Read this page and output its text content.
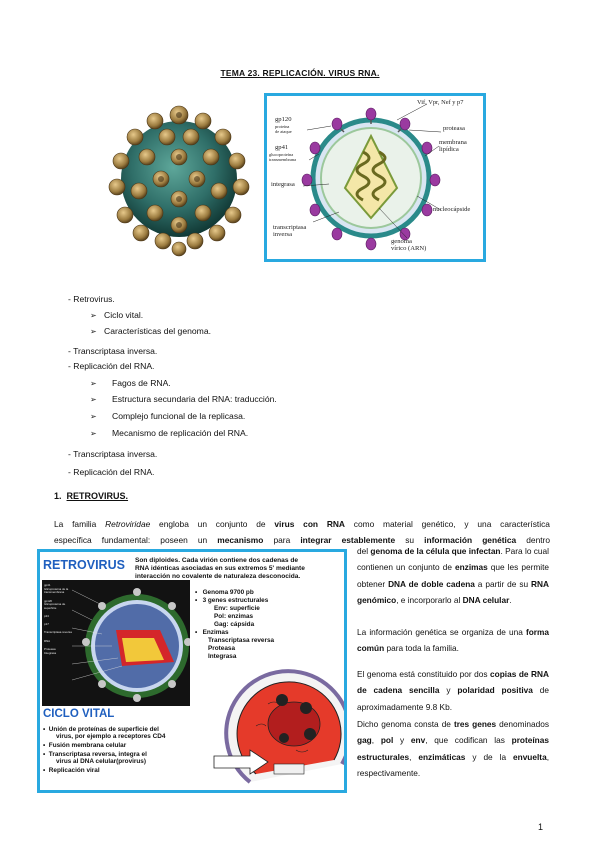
TEMA 23. REPLICACIÓN. VIRUS RNA.
gp120
proteína
de ataque
gp41
glucoproteína
transmembrana
Vif, Vpr, Nef y p7
proteasa
membrana
lipídica
integrasa
nucleocápside
transcriptasa
inversa
genoma
vírico (ARN)
- Retrovirus.
➢ Ciclo vital.
➢ Características del genoma.
- Transcriptasa inversa.
- Replicación del RNA.
➢ Fagos de RNA.
➢ Estructura secundaria del RNA: traducción.
➢ Complejo funcional de la replicasa.
➢ Mecanismo de replicación del RNA.
- Transcriptasa inversa.
- Replicación del RNA.
1. RETROVIRUS.
La familia Retroviridae engloba un conjunto de virus con RNA como material genético, y una característica
específica fundamental: poseen un mecanismo para integrar establemente su información genética dentro
del genoma de la célula que infectan. Para lo cual contienen un conjunto de enzimas que les permite obtener DNA de doble cadena a partir de su RNA genómico, e incorporarlo al DNA celular.
La información genética se organiza de una forma común para toda la familia.
El genoma está constituido por dos copias de RNA de cadena sencilla y polaridad positiva de aproximadamente 9.8 Kb.
Dicho genoma consta de tres genes denominados gag, pol y env, que codifican las proteínas estructurales, enzimáticas y de la envuelta, respectivamente.
RETROVIRUS Son diploides. Cada virión contiene dos cadenas de
RNA idénticas asociadas en sus extremos 5' mediante
interacción no covalente de naturaleza desconocida.
gp41
Glicoproteína de la transmembrana
gp120
Glicoproteína de superficie
p24
p17
Transcriptasa reversa
RNA
Proteasa
Integrasa
•   Genoma 9700 pb
•   3 genes estructurales
Env: superficie
Pol: enzimas
Gag: cápsida
•   Enzimas
Transcriptasa reversa
Proteasa
Integrasa
CICLO VITAL
•  Unión de proteínas de superficie del
virus, por ejemplo a receptores CD4
•  Fusión membrana celular
•  Transcriptasa reversa, integra el
virus al DNA celular(provirus)
•  Replicación viral
1
